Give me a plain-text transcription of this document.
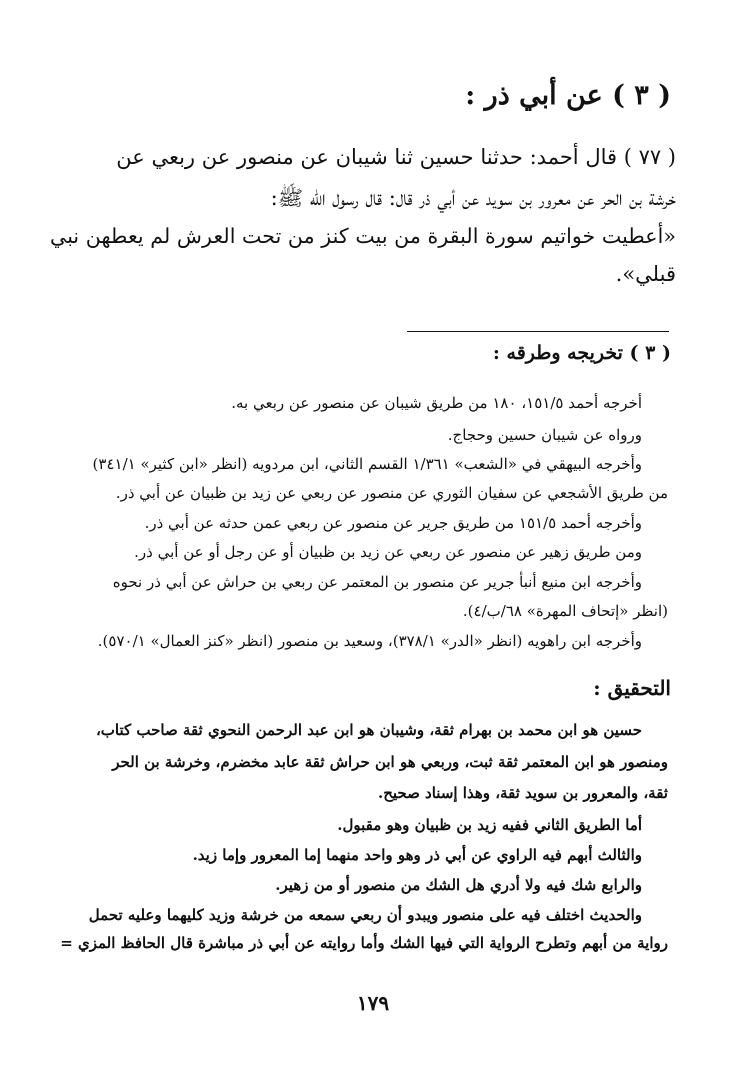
( ٣ ) عن أبي ذر :
( ٧٧ ) قال أحمد: حدثنا حسين ثنا شيبان عن منصور عن ربعي عن
خرشة بن الحر عن معرور بن سويد عن أبي ذر قال: قال رسول الله ﷺ:
«أعطيت خواتيم سورة البقرة من بيت كنز من تحت العرش لم يعطهن نبي
قبلي».
( ٣ ) تخريجه وطرقه :
أخرجه أحمد ١٥١/٥، ١٨٠ من طريق شيبان عن منصور عن ربعي به.
ورواه عن شيبان حسين وحجاج.
وأخرجه البيهقي في «الشعب» ١/٣٦١ القسم الثاني، ابن مردويه (انظر «ابن كثير» ٣٤١/١)
من طريق الأشجعي عن سفيان الثوري عن منصور عن ربعي عن زيد بن ظبيان عن أبي ذر.
وأخرجه أحمد ١٥١/٥ من طريق جرير عن منصور عن ربعي عمن حدثه عن أبي ذر.
ومن طريق زهير عن منصور عن ربعي عن زيد بن ظبيان أو عن رجل أو عن أبي ذر.
وأخرجه ابن منيع أنبأ جرير عن منصور بن المعتمر عن ربعي بن حراش عن أبي ذر نحوه
(انظر «إتحاف المهرة» ٦٨/ب/٤).
وأخرجه ابن راهويه (انظر «الدر» ٣٧٨/١)، وسعيد بن منصور (انظر «كنز العمال» ٥٧٠/١).
التحقيق :
حسين هو ابن محمد بن بهرام ثقة، وشيبان هو ابن عبد الرحمن النحوي ثقة صاحب كتاب،
ومنصور هو ابن المعتمر ثقة ثبت، وربعي هو ابن حراش ثقة عابد مخضرم، وخرشة بن الحر
ثقة، والمعرور بن سويد ثقة، وهذا إسناد صحيح.
أما الطريق الثاني ففيه زيد بن ظبيان وهو مقبول.
والثالث أبهم فيه الراوي عن أبي ذر وهو واحد منهما إما المعرور وإما زيد.
والرابع شك فيه ولا أدري هل الشك من منصور أو من زهير.
والحديث اختلف فيه على منصور ويبدو أن ربعي سمعه من خرشة وزيد كليهما وعليه تحمل
رواية من أبهم وتطرح الرواية التي فيها الشك وأما روايته عن أبي ذر مباشرة قال الحافظ المزي =
١٧٩
